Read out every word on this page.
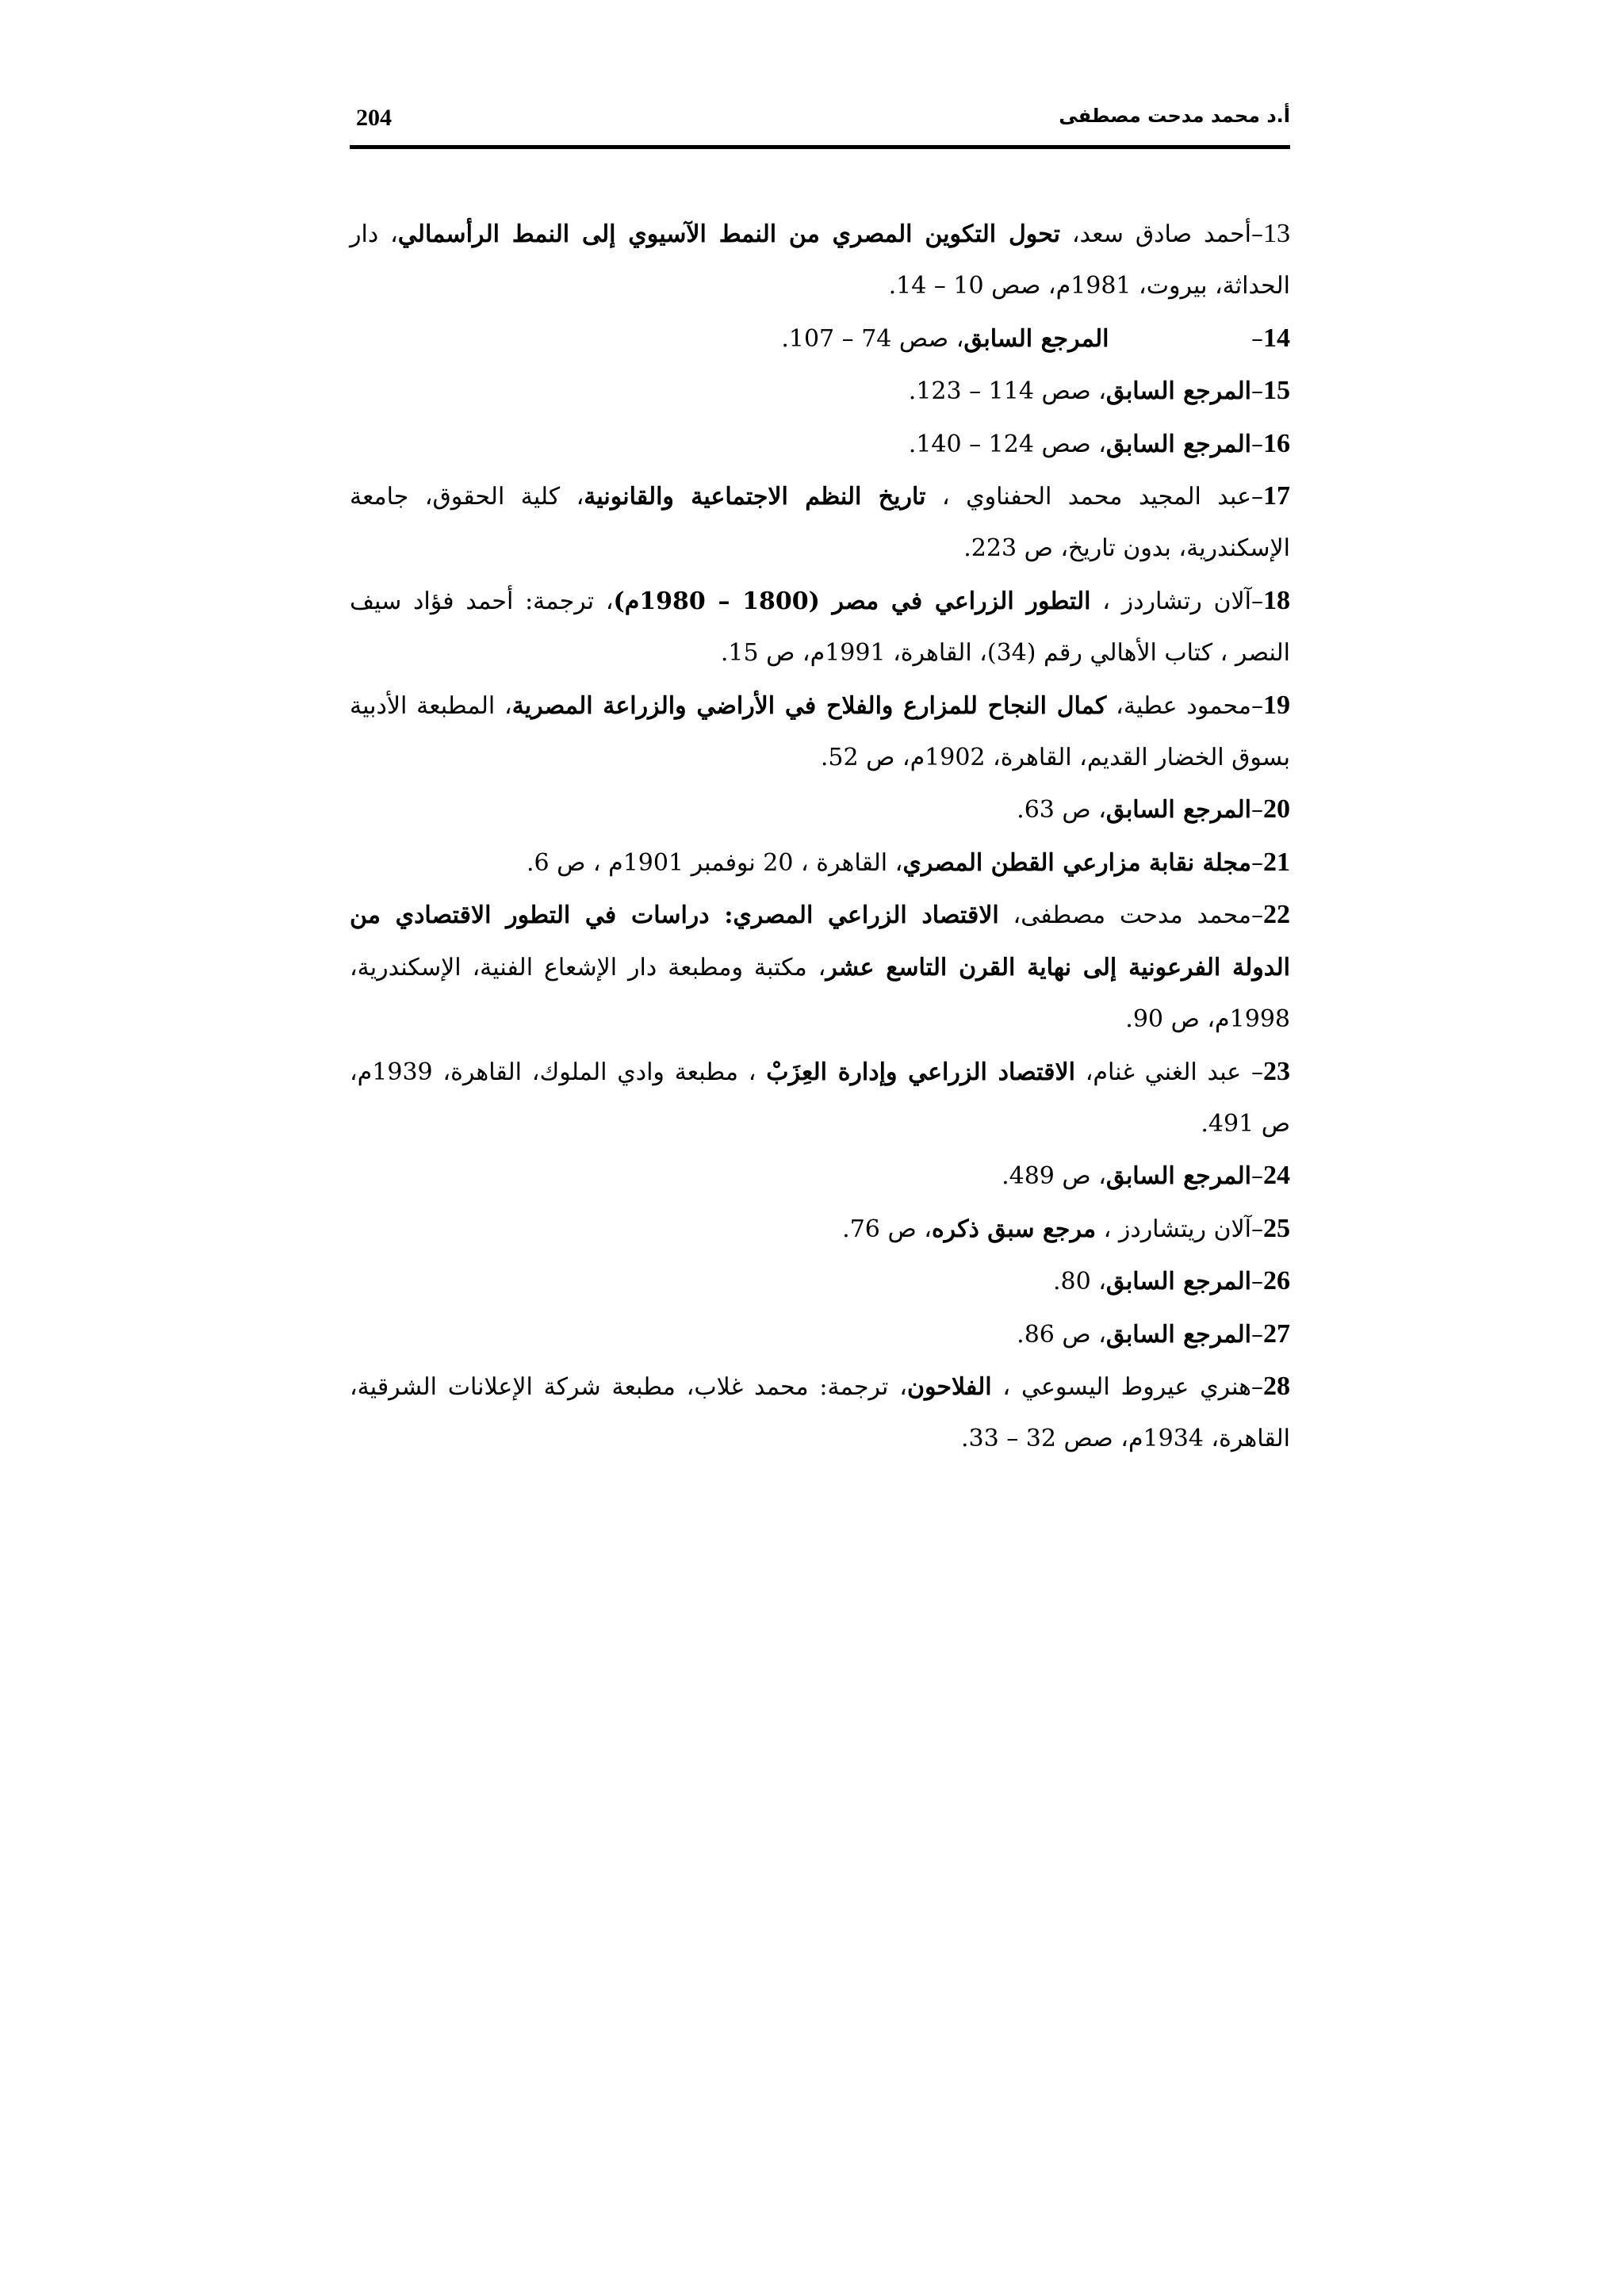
204	أ.د محمد مدحت مصطفى
13–أحمد صادق سعد، تحول التكوين المصري من النمط الآسيوي إلى النمط الرأسمالي، دار الحداثة، بيروت، 1981م، صص 10 – 14.
14– المرجع السابق، صص 74 – 107.
15–المرجع السابق، صص 114 – 123.
16–المرجع السابق، صص 124 – 140.
17–عبد المجيد محمد الحفناوي ، تاريخ النظم الاجتماعية والقانونية، كلية الحقوق، جامعة الإسكندرية، بدون تاريخ، ص 223.
18–آلان رتشاردز ، التطور الزراعي في مصر (1800 – 1980م)، ترجمة: أحمد فؤاد سيف النصر ، كتاب الأهالي رقم (34)، القاهرة، 1991م، ص 15.
19–محمود عطية، كمال النجاح للمزارع والفلاح في الأراضي والزراعة المصرية، المطبعة الأدبية بسوق الخضار القديم، القاهرة، 1902م، ص 52.
20–المرجع السابق، ص 63.
21–مجلة نقابة مزارعي القطن المصري، القاهرة ، 20 نوفمبر 1901م ، ص 6.
22–محمد مدحت مصطفى، الاقتصاد الزراعي المصري: دراسات في التطور الاقتصادي من الدولة الفرعونية إلى نهاية القرن التاسع عشر، مكتبة ومطبعة دار الإشعاع الفنية، الإسكندرية، 1998م، ص 90.
23– عبد الغني غنام، الاقتصاد الزراعي وإدارة العِزَبْ ، مطبعة وادي الملوك، القاهرة، 1939م، ص 491.
24–المرجع السابق، ص 489.
25–آلان ريتشاردز ، مرجع سبق ذكره، ص 76.
26–المرجع السابق، 80.
27–المرجع السابق، ص 86.
28–هنري عيروط اليسوعي ، الفلاحون، ترجمة: محمد غلاب، مطبعة شركة الإعلانات الشرقية، القاهرة، 1934م، صص 32 – 33.
